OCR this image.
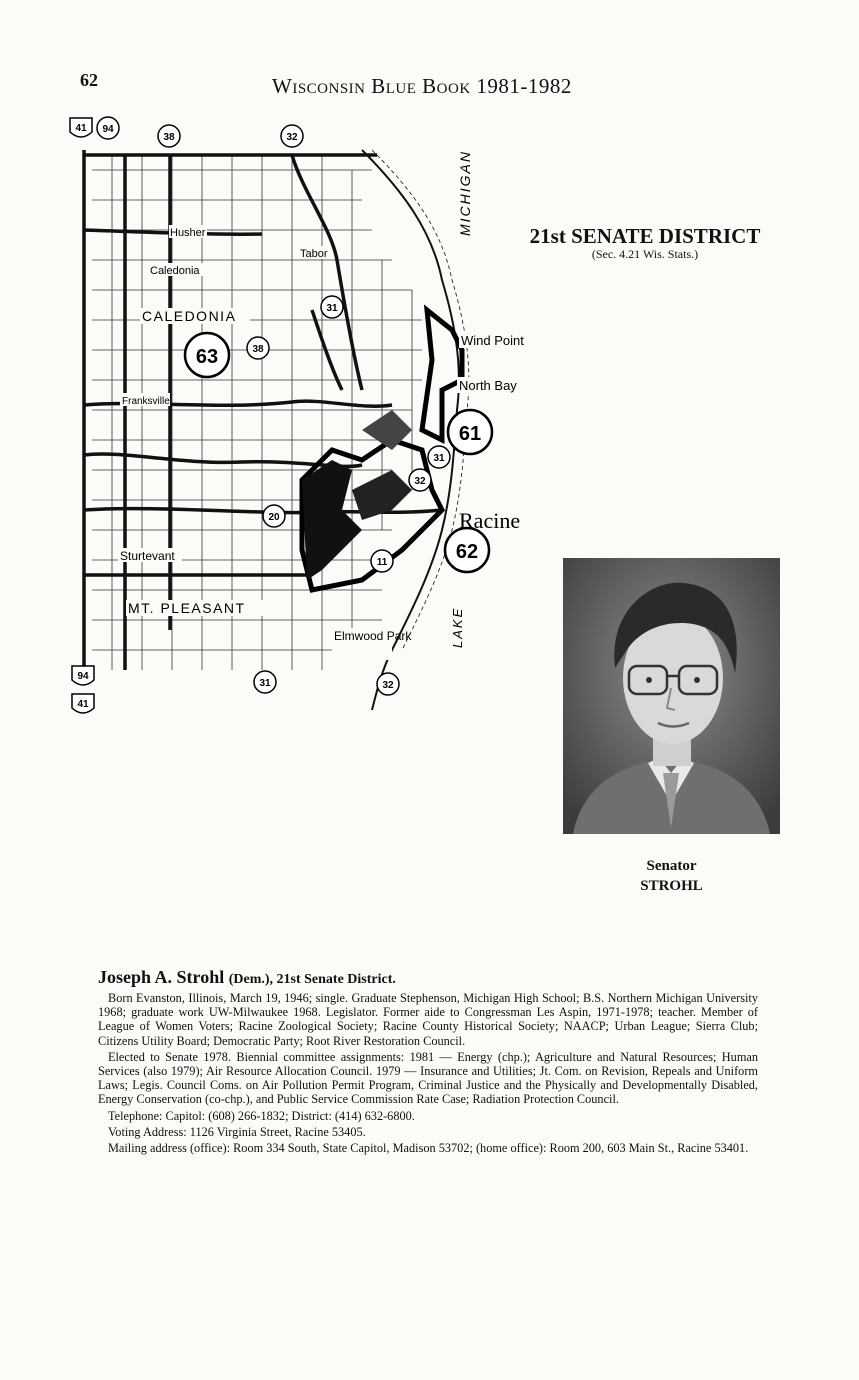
62	Wisconsin Blue Book 1981-1982
63
61
62
41 94
38	32
31
38
31
32
20
11
31	32
94
41
Husher
Caledonia
CALEDONIA
Tabor
Wind Point
North Bay
Franksville
Racine
Sturtevant
MT. PLEASANT
Elmwood Park
MICHIGAN
LAKE
21st SENATE DISTRICT
(Sec. 4.21 Wis. Stats.)
Senator
STROHL
Joseph A. Strohl (Dem.), 21st Senate District.

Born Evanston, Illinois, March 19, 1946; single. Graduate Stephenson, Michigan High School; B.S. Northern Michigan University 1968; graduate work UW-Milwaukee 1968. Legislator. Former aide to Congressman Les Aspin, 1971-1978; teacher. Member of League of Women Voters; Racine Zoological Society; Racine County Historical Society; NAACP; Urban League; Sierra Club; Citizens Utility Board; Democratic Party; Root River Restoration Council.

Elected to Senate 1978. Biennial committee assignments: 1981 — Energy (chp.); Agriculture and Natural Resources; Human Services (also 1979); Air Resource Allocation Council. 1979 — Insurance and Utilities; Jt. Com. on Revision, Repeals and Uniform Laws; Legis. Council Coms. on Air Pollution Permit Program, Criminal Justice and the Physically and Developmentally Disabled, Energy Conservation (co-chp.), and Public Service Commission Rate Case; Radiation Protection Council.

Telephone: Capitol: (608) 266-1832; District: (414) 632-6800.

Voting Address: 1126 Virginia Street, Racine 53405.

Mailing address (office): Room 334 South, State Capitol, Madison 53702; (home office): Room 200, 603 Main St., Racine 53401.
